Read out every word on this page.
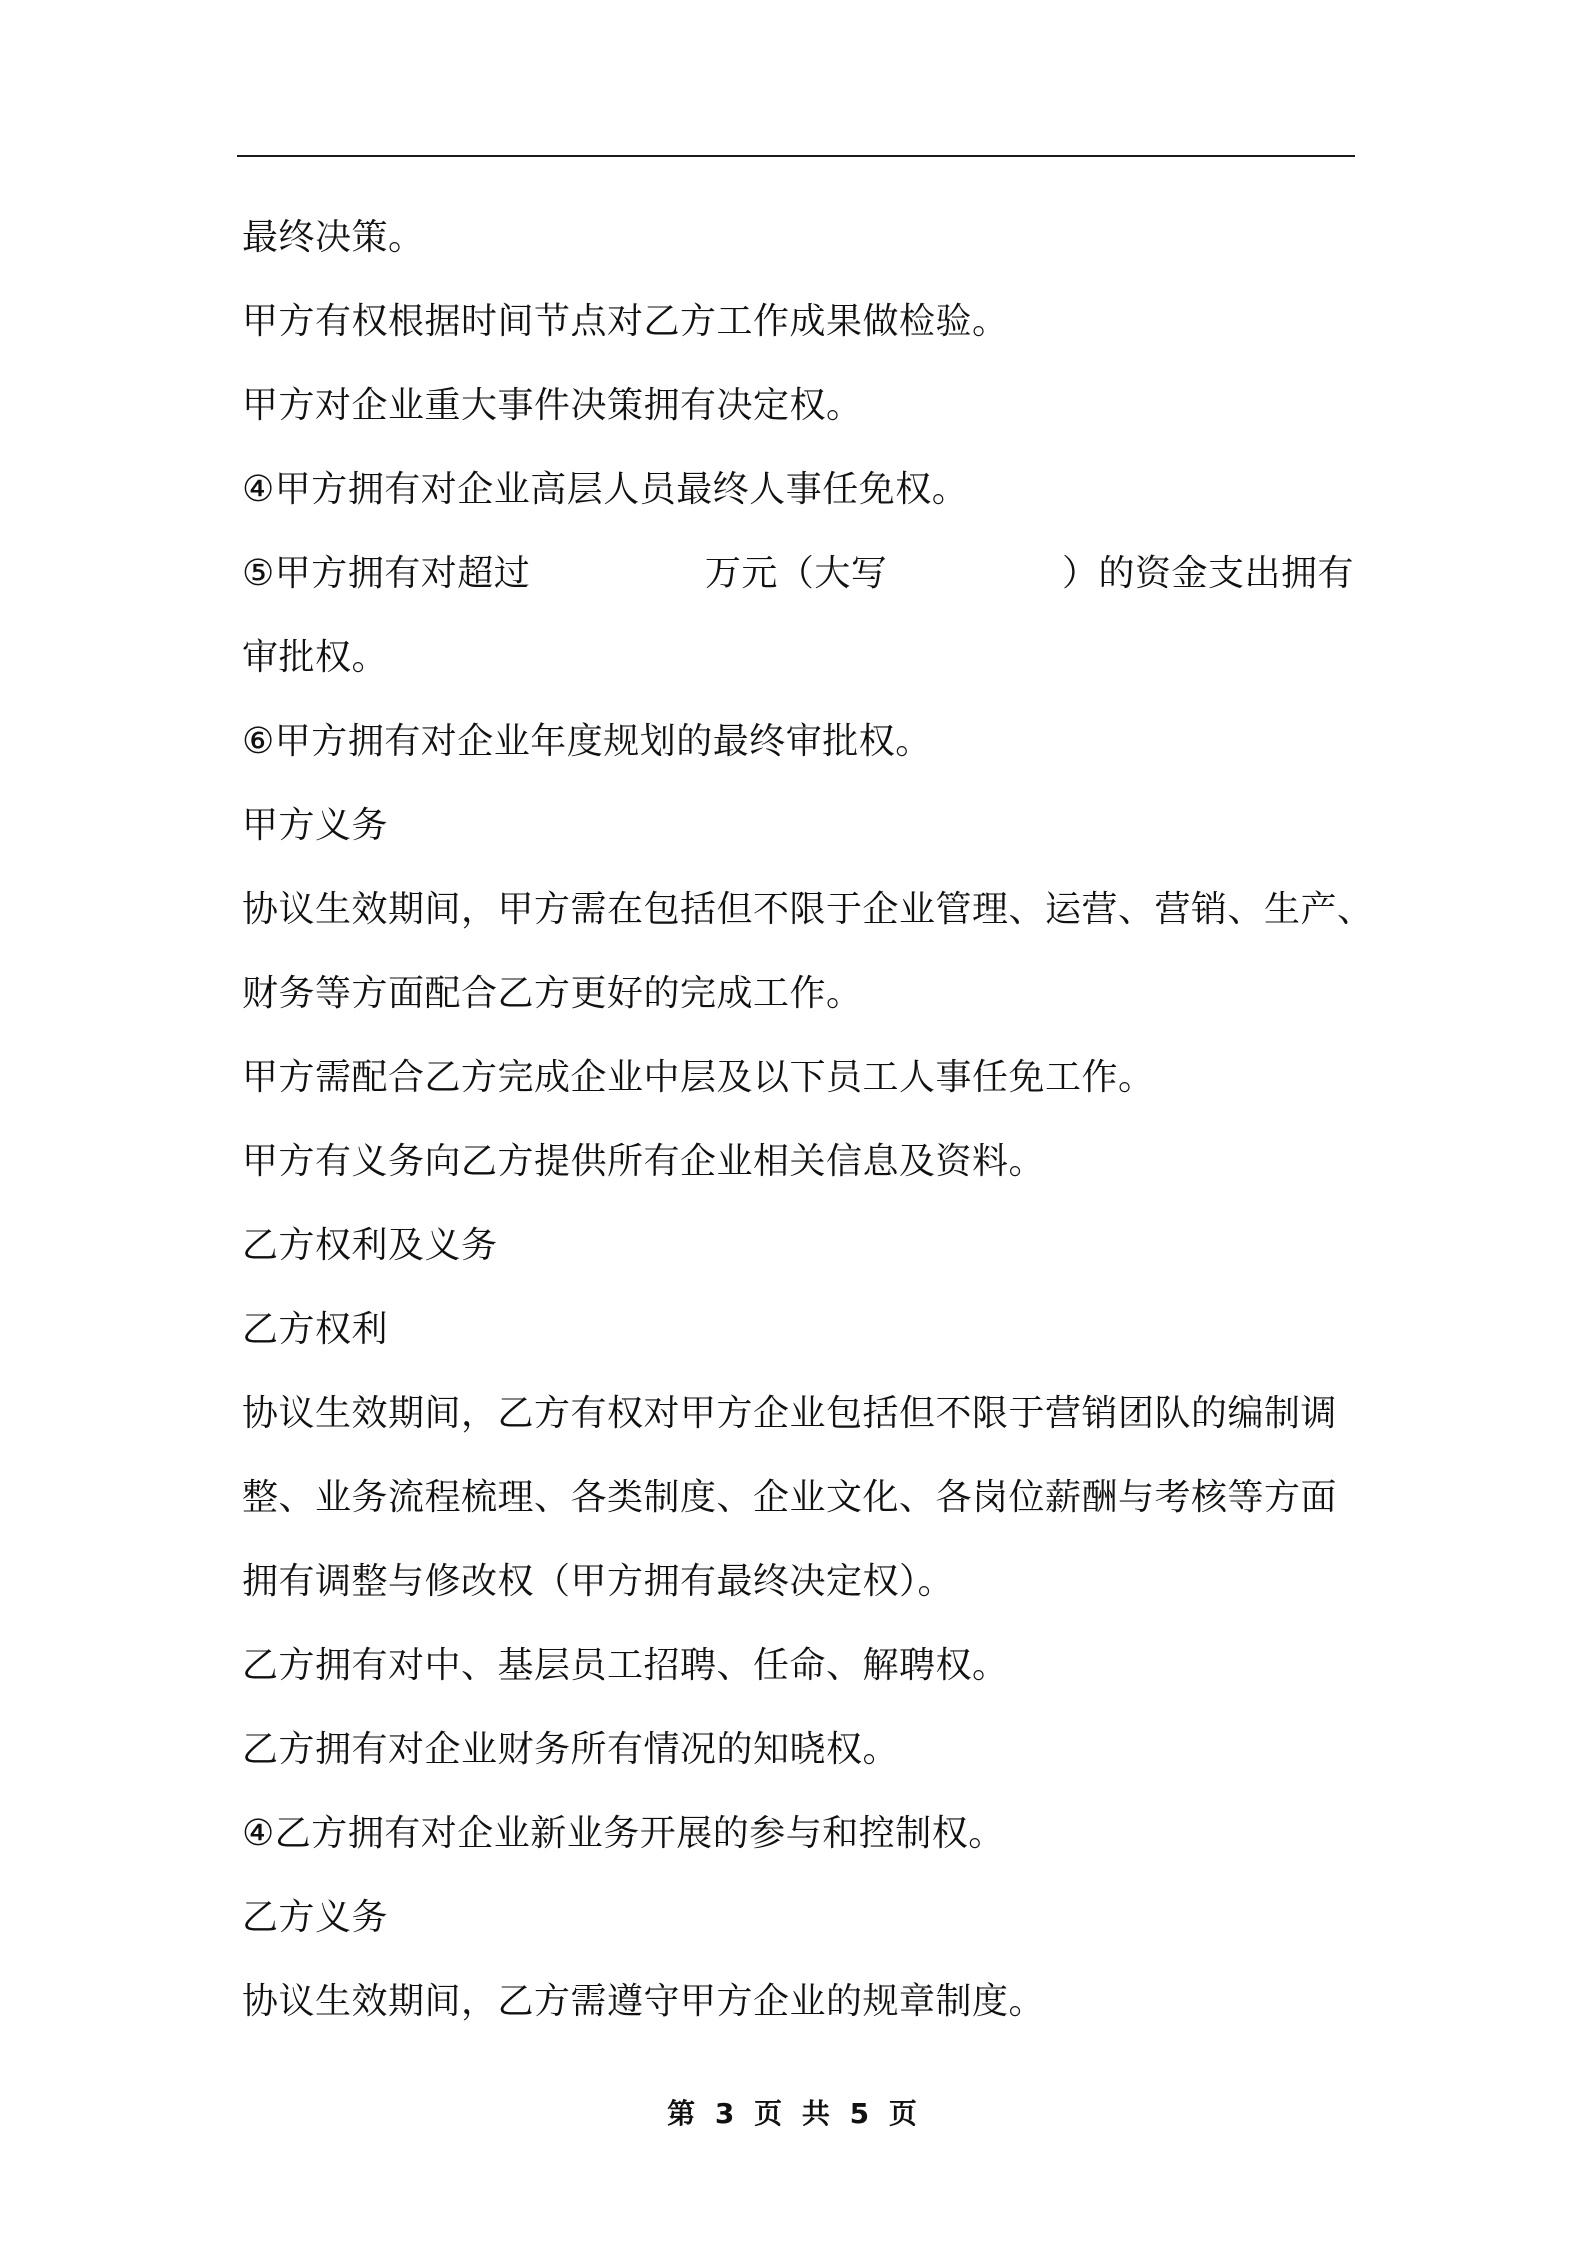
最终决策。
甲方有权根据时间节点对乙方工作成果做检验。
甲方对企业重大事件决策拥有决定权。
④甲方拥有对企业高层人员最终人事任免权。
⑤甲方拥有对超过	万元（大写	）的资金支出拥有
审批权。
⑥甲方拥有对企业年度规划的最终审批权。
甲方义务
协议生效期间，甲方需在包括但不限于企业管理、运营、营销、生产、
财务等方面配合乙方更好的完成工作。
甲方需配合乙方完成企业中层及以下员工人事任免工作。
甲方有义务向乙方提供所有企业相关信息及资料。
乙方权利及义务
乙方权利
协议生效期间，乙方有权对甲方企业包括但不限于营销团队的编制调
整、业务流程梳理、各类制度、企业文化、各岗位薪酬与考核等方面
拥有调整与修改权（甲方拥有最终决定权）。
乙方拥有对中、基层员工招聘、任命、解聘权。
乙方拥有对企业财务所有情况的知晓权。
④乙方拥有对企业新业务开展的参与和控制权。
乙方义务
协议生效期间，乙方需遵守甲方企业的规章制度。
第 3 页 共 5 页
